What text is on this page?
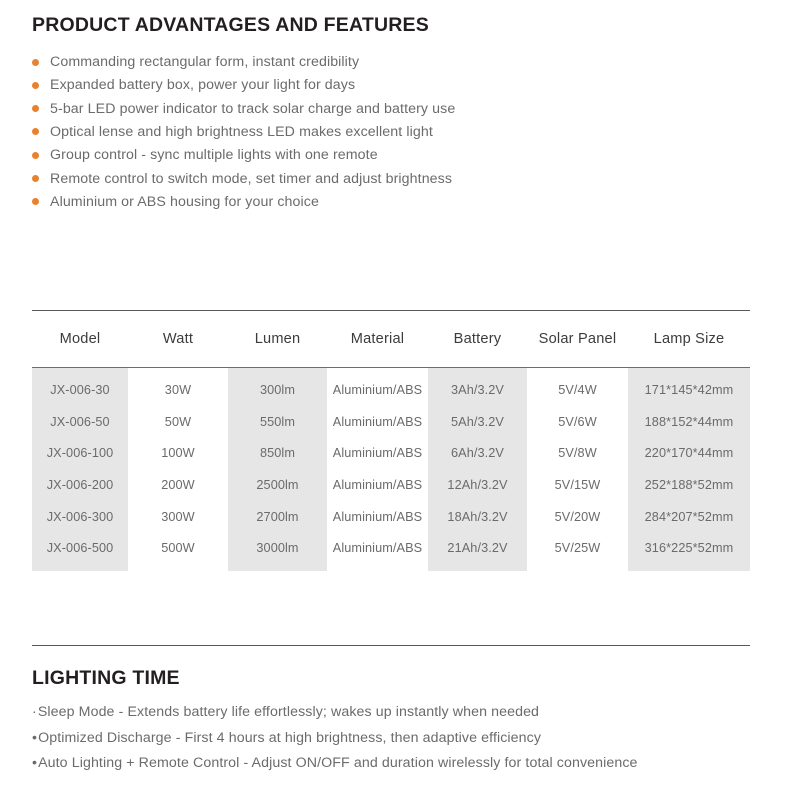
PRODUCT ADVANTAGES AND FEATURES
Commanding rectangular form, instant credibility
Expanded battery box, power your light for days
5-bar LED power indicator to track solar charge and battery use
Optical lense and high brightness LED makes excellent light
Group control - sync multiple lights with one remote
Remote control to switch mode, set timer and adjust brightness
Aluminium or ABS housing for your choice
Model	Watt	Lumen	Material	Battery	Solar Panel	Lamp Size
JX-006-30	30W	300lm	Aluminium/ABS	3Ah/3.2V	5V/4W	171*145*42mm
JX-006-50	50W	550lm	Aluminium/ABS	5Ah/3.2V	5V/6W	188*152*44mm
JX-006-100	100W	850lm	Aluminium/ABS	6Ah/3.2V	5V/8W	220*170*44mm
JX-006-200	200W	2500lm	Aluminium/ABS	12Ah/3.2V	5V/15W	252*188*52mm
JX-006-300	300W	2700lm	Aluminium/ABS	18Ah/3.2V	5V/20W	284*207*52mm
JX-006-500	500W	3000lm	Aluminium/ABS	21Ah/3.2V	5V/25W	316*225*52mm
LIGHTING TIME
· Sleep Mode - Extends battery life effortlessly; wakes up instantly when needed
• Optimized Discharge - First 4 hours at high brightness, then adaptive efficiency
• Auto Lighting + Remote Control - Adjust ON/OFF and duration wirelessly for total convenience
